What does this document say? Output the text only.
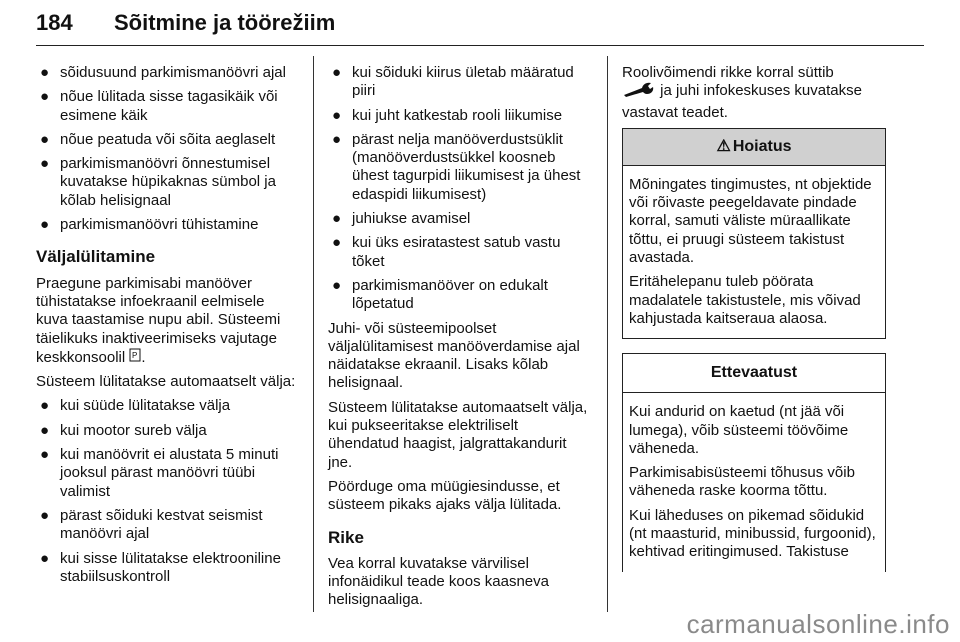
184 Sõitmine ja töörežiim
● sõidusuund parkimismanöövri ajal
● nõue lülitada sisse tagasikäik või esimene käik
● nõue peatuda või sõita aeglaselt
● parkimismanöövri õnnestumisel kuvatakse hüpikaknas sümbol ja kõlab helisignaal
● parkimismanöövri tühistamine
Väljalülitamine

Praegune parkimisabi manööver tühistatakse infoekraanil eelmisele kuva taastamise nupu abil. Süsteemi täielikuks inaktiveerimiseks vajutage keskkonsoolil P .

Süsteem lülitatakse automaatselt välja:

● kui süüde lülitatakse välja
● kui mootor sureb välja
● kui manöövrit ei alustata 5 minuti jooksul pärast manöövri tüübi valimist
● pärast sõiduki kestvat seismist manöövri ajal
● kui sisse lülitatakse elektrooniline stabiilsuskontroll
● kui sõiduki kiirus ületab määratud piiri
● kui juht katkestab rooli liikumise
● pärast nelja manööverdustsüklit (manööverdustsükkel koosneb ühest tagurpidi liikumisest ja ühest edaspidi liikumisest)
● juhiukse avamisel
● kui üks esiratastest satub vastu tõket
● parkimismanööver on edukalt lõpetatud

Juhi- või süsteemipoolset väljalülitamisest manööverdamise ajal näidatakse ekraanil. Lisaks kõlab helisignaal.

Süsteem lülitatakse automaatselt välja, kui pukseeritakse elektriliselt ühendatud haagist, jalgrattakandurit jne.

Pöörduge oma müügiesindusse, et süsteem pikaks ajaks välja lülitada.

Rike

Vea korral kuvatakse värvilisel infonäidikul teade koos kaasneva helisignaaliga.

Roolivõimendi rikke korral süttib
ja juhi infokeskuses kuvatakse vastavat teadet.

⚠ Hoiatus

Mõningates tingimustes, nt objektide või rõivaste peegeldavate pindade korral, samuti väliste müraallikate tõttu, ei pruugi süsteem takistust avastada.

Eritähelepanu tuleb pöörata madalatele takistustele, mis võivad kahjustada kaitseraua alaosa.

Ettevaatust

Kui andurid on kaetud (nt jää või lumega), võib süsteemi töövõime väheneda.

Parkimisabisüsteemi tõhusus võib väheneda raske koorma tõttu.

Kui läheduses on pikemad sõidukid (nt maasturid, minibussid, furgoonid), kehtivad eritingimused. Takistuse

carmanualsonline.info
